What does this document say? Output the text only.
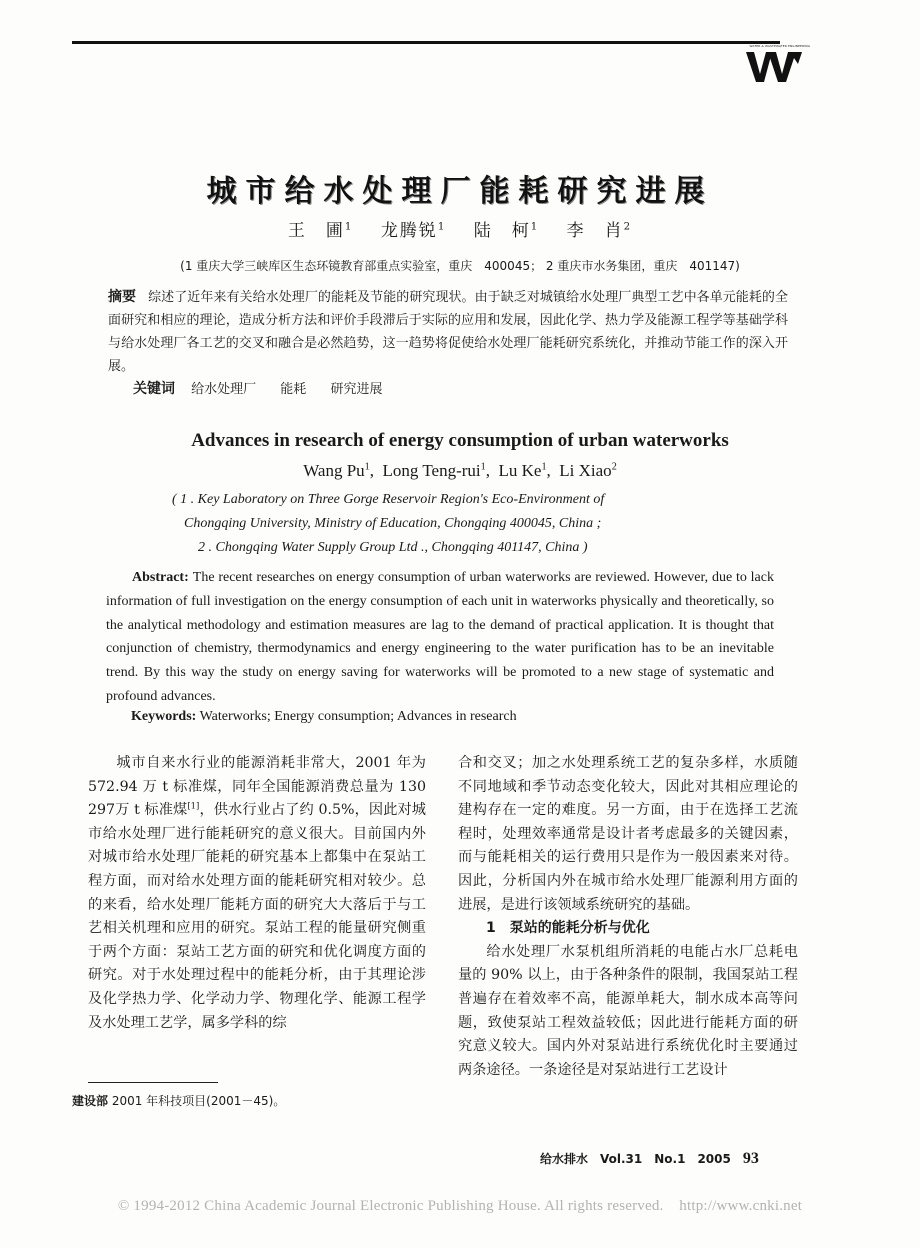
WATER & WASTEWATER ENGINEERING
城市给水处理厂能耗研究进展
王　圃$^1$ 龙腾锐$^1$ 陆　柯$^1$ 李　肖$^2$
(1 重庆大学三峡库区生态环镜教育部重点实验室，重庆　400045； 2 重庆市水务集团，重庆　401147)
摘要 综述了近年来有关给水处理厂的能耗及节能的研究现状。由于缺乏对城镇给水处理厂典型工艺中各单元能耗的全面研究和相应的理论，造成分析方法和评价手段滞后于实际的应用和发展，因此化学、热力学及能源工程学等基础学科与给水处理厂各工艺的交叉和融合是必然趋势，这一趋势将促使给水处理厂能耗研究系统化，并推动节能工作的深入开展。
关键词 给水处理厂 能耗 研究进展
Advances in research of energy consumption of urban waterworks
Wang Pu$^1$,  Long Teng-rui$^1$,  Lu Ke$^1$,  Li Xiao$^2$
( 1 . Key Laboratory on Three Gorge Reservoir Region's Eco-Environment of
Chongqing University, Ministry of Education, Chongqing 400045, China ;
2 . Chongqing Water Supply Group Ltd ., Chongqing 401147, China )
Abstract: The recent researches on energy consumption of urban waterworks are reviewed. However, due to lack information of full investigation on the energy consumption of each unit in waterworks physically and theoretically, so the analytical methodology and estimation measures are lag to the demand of practical application. It is thought that conjunction of chemistry, thermodynamics and energy engineering to the water purification has to be an inevitable trend. By this way the study on energy saving for waterworks will be promoted to a new stage of systematic and profound advances.
Keywords: Waterworks; Energy consumption; Advances in research

城市自来水行业的能源消耗非常大，2001 年为 572.94 万 t 标准煤，同年全国能源消费总量为 130 297万 t 标准煤[1]，供水行业占了约 0.5%，因此对城市给水处理厂进行能耗研究的意义很大。目前国内外对城市给水处理厂能耗的研究基本上都集中在泵站工程方面，而对给水处理方面的能耗研究相对较少。总的来看，给水处理厂能耗方面的研究大大落后于与工艺相关机理和应用的研究。泵站工程的能量研究侧重于两个方面：泵站工艺方面的研究和优化调度方面的研究。对于水处理过程中的能耗分析，由于其理论涉及化学热力学、化学动力学、物理化学、能源工程学及水处理工艺学，属多学科的综

合和交叉；加之水处理系统工艺的复杂多样，水质随不同地域和季节动态变化较大，因此对其相应理论的建构存在一定的难度。另一方面，由于在选择工艺流程时，处理效率通常是设计者考虑最多的关键因素，而与能耗相关的运行费用只是作为一般因素来对待。因此，分析国内外在城市给水处理厂能源利用方面的进展，是进行该领域系统研究的基础。

1　泵站的能耗分析与优化

给水处理厂水泵机组所消耗的电能占水厂总耗电量的 90% 以上，由于各种条件的限制，我国泵站工程普遍存在着效率不高，能源单耗大，制水成本高等问题，致使泵站工程效益较低；因此进行能耗方面的研究意义较大。国内外对泵站进行系统优化时主要通过两条途径。一条途径是对泵站进行工艺设计

建设部 2001 年科技项目(2001－45)。
给水排水　Vol.31　No.1　2005 93
© 1994-2012 China Academic Journal Electronic Publishing House. All rights reserved.    http://www.cnki.net
